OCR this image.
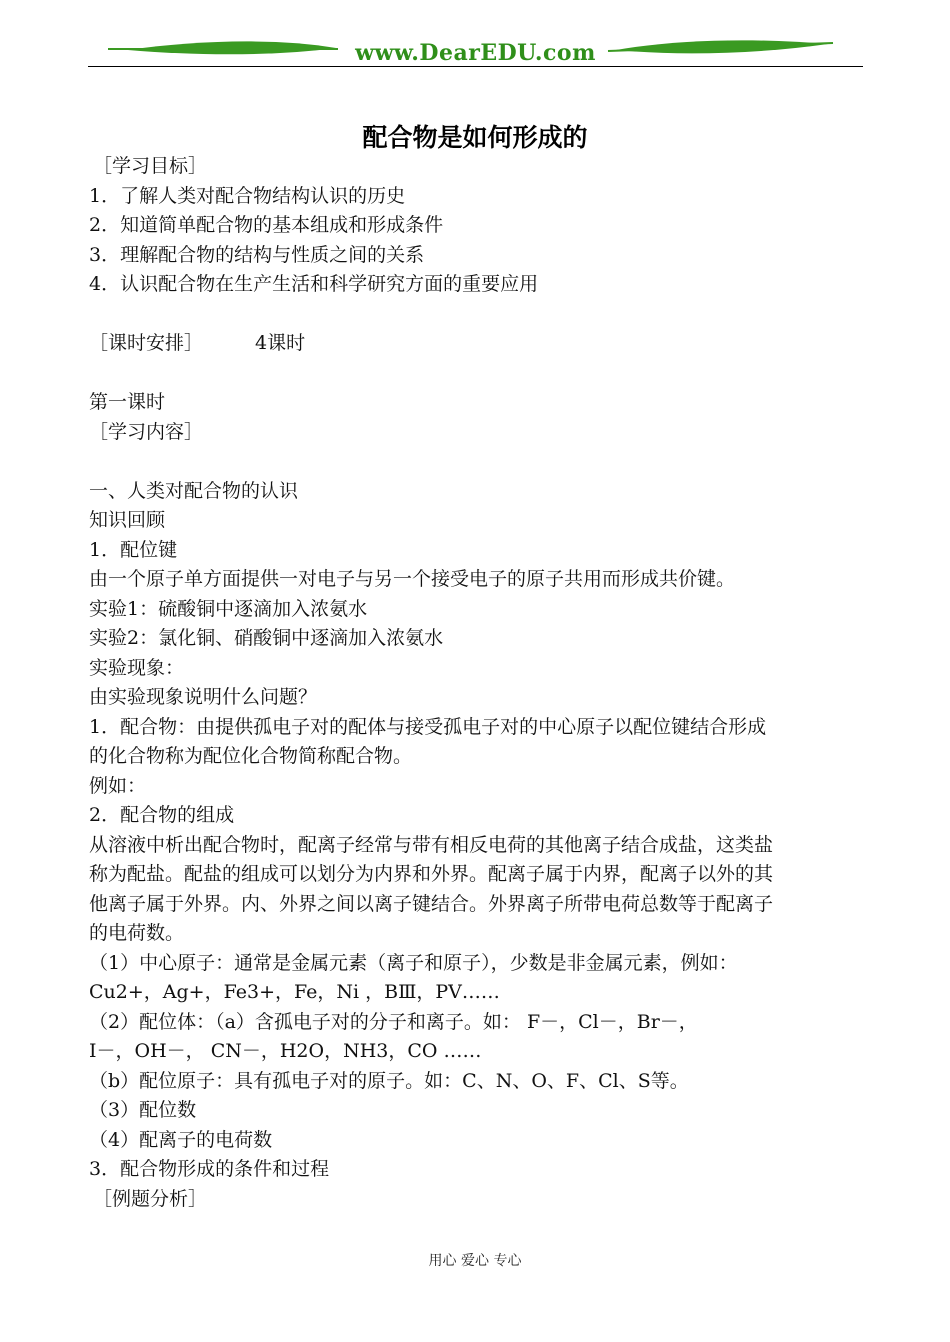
www.DearEDU.com
配合物是如何形成的
［学习目标］
1．了解人类对配合物结构认识的历史
2．知道简单配合物的基本组成和形成条件
3．理解配合物的结构与性质之间的关系
4．认识配合物在生产生活和科学研究方面的重要应用
［课时安排］	4课时
第一课时
［学习内容］
一、人类对配合物的认识
知识回顾
1．配位键
由一个原子单方面提供一对电子与另一个接受电子的原子共用而形成共价键。
实验1：硫酸铜中逐滴加入浓氨水
实验2：氯化铜、硝酸铜中逐滴加入浓氨水
实验现象：
由实验现象说明什么问题？
1．配合物：由提供孤电子对的配体与接受孤电子对的中心原子以配位键结合形成
的化合物称为配位化合物简称配合物。
例如：
2．配合物的组成
从溶液中析出配合物时，配离子经常与带有相反电荷的其他离子结合成盐，这类盐
称为配盐。配盐的组成可以划分为内界和外界。配离子属于内界，配离子以外的其
他离子属于外界。内、外界之间以离子键结合。外界离子所带电荷总数等于配离子
的电荷数。
（1）中心原子：通常是金属元素（离子和原子），少数是非金属元素，例如：
Cu2+，Ag+，Fe3+，Fe，Ni ，BⅢ，PⅤ……
（2）配位体：（a）含孤电子对的分子和离子。如： F－，Cl－，Br－，
I－，OH－， CN－，H2O，NH3，CO ……
（b）配位原子：具有孤电子对的原子。如：C、N、O、F、Cl、S等。
（3）配位数
（4）配离子的电荷数
3．配合物形成的条件和过程
［例题分析］
用心 爱心 专心
